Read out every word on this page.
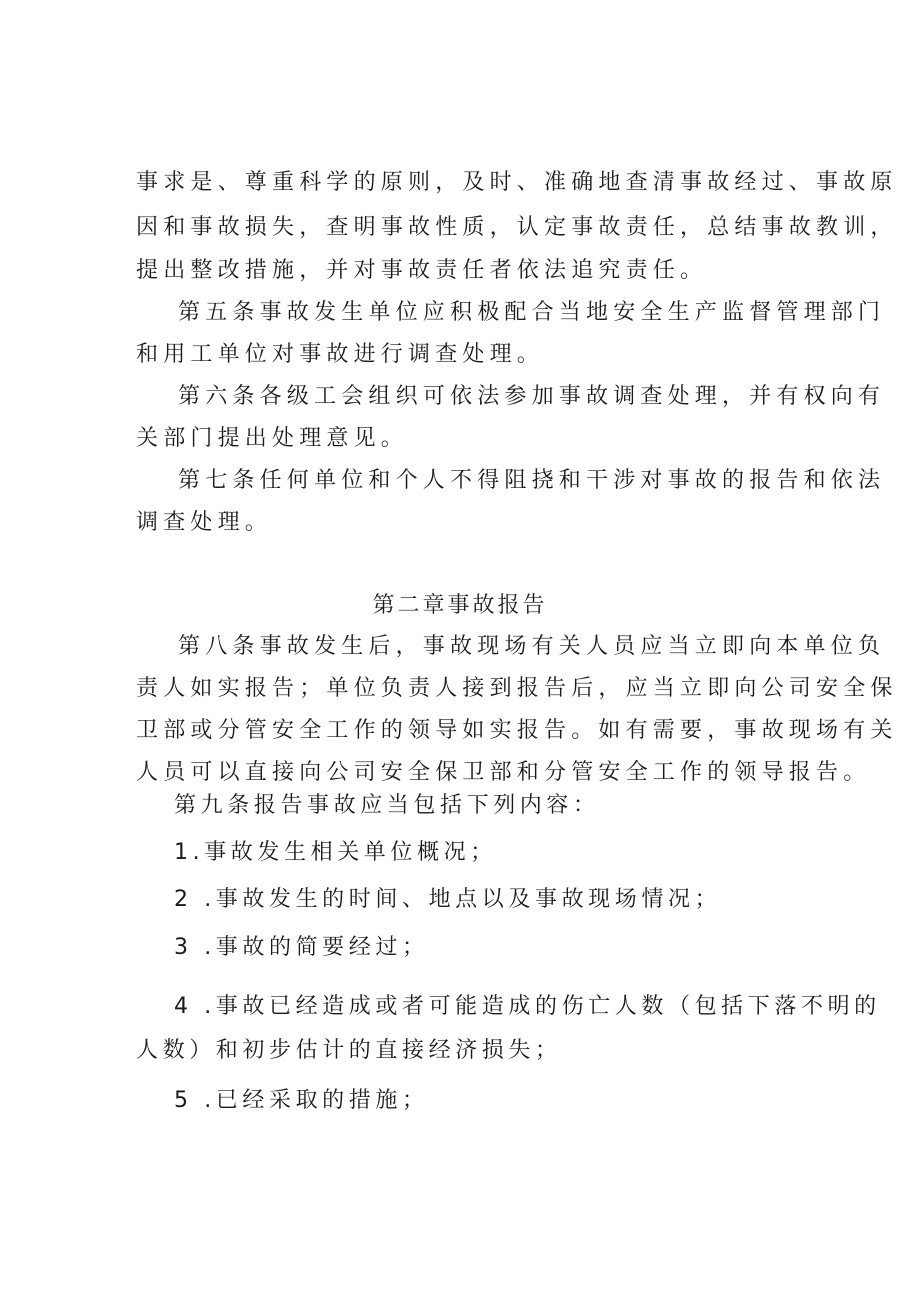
事求是、尊重科学的原则，及时、准确地查清事故经过、事故原
因和事故损失，查明事故性质，认定事故责任，总结事故教训，
提出整改措施，并对事故责任者依法追究责任。
第五条事故发生单位应积极配合当地安全生产监督管理部门
和用工单位对事故进行调查处理。
第六条各级工会组织可依法参加事故调查处理，并有权向有
关部门提出处理意见。
第七条任何单位和个人不得阻挠和干涉对事故的报告和依法
调查处理。
第二章事故报告
第八条事故发生后，事故现场有关人员应当立即向本单位负
责人如实报告；单位负责人接到报告后，应当立即向公司安全保
卫部或分管安全工作的领导如实报告。如有需要，事故现场有关
人员可以直接向公司安全保卫部和分管安全工作的领导报告。
第九条报告事故应当包括下列内容：
1.事故发生相关单位概况；
2 .事故发生的时间、地点以及事故现场情况；
3 .事故的简要经过；
4 .事故已经造成或者可能造成的伤亡人数（包括下落不明的
人数）和初步估计的直接经济损失；
5 .已经采取的措施；
